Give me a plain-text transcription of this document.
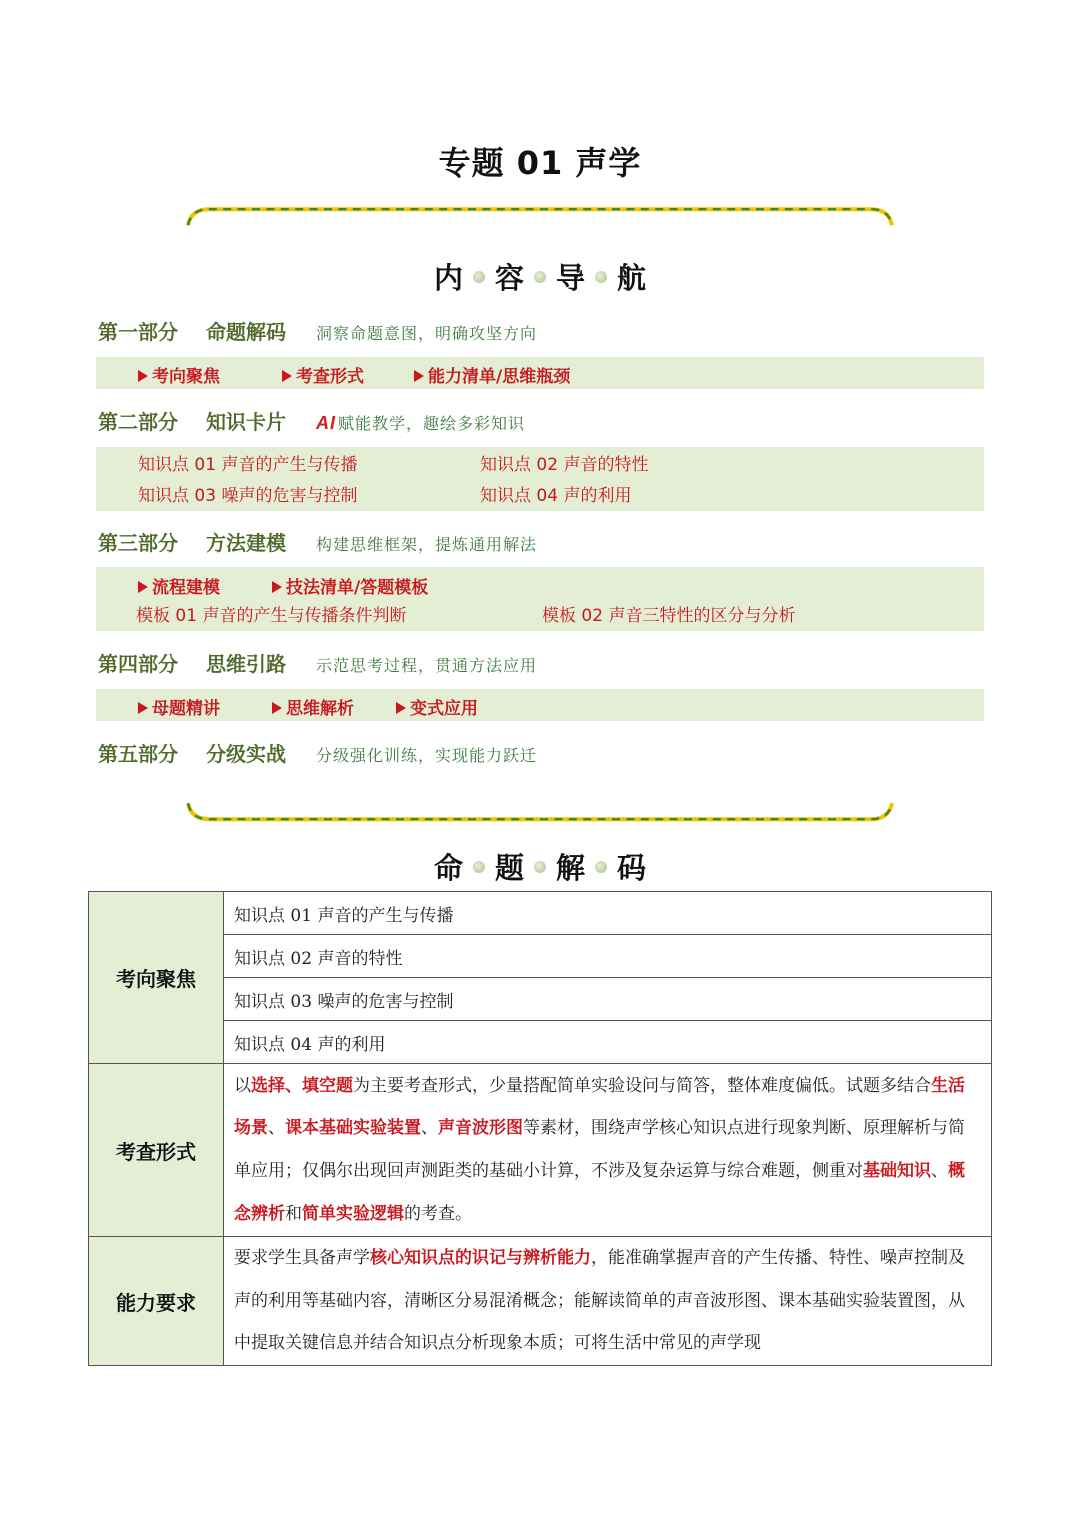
专题 01 声学
内 容 导 航
第一部分	命题解码	洞察命题意图，明确攻坚方向
考向聚焦	考查形式	能力清单/思维瓶颈
第二部分	知识卡片	AI 赋能教学，趣绘多彩知识
知识点 01 声音的产生与传播	知识点 02 声音的特性
知识点 03 噪声的危害与控制	知识点 04 声的利用
第三部分	方法建模	构建思维框架，提炼通用解法
流程建模	技法清单/答题模板
模板 01 声音的产生与传播条件判断	模板 02 声音三特性的区分与分析
第四部分	思维引路	示范思考过程，贯通方法应用
母题精讲	思维解析	变式应用
第五部分	分级实战	分级强化训练，实现能力跃迁
命 题 解 码
考向聚焦	知识点 01 声音的产生与传播
	知识点 02 声音的特性
	知识点 03 噪声的危害与控制
	知识点 04 声的利用
考查形式	以选择、填空题为主要考查形式，少量搭配简单实验设问与简答，整体难度偏低。试题多结合生活场景、课本基础实验装置、声音波形图等素材，围绕声学核心知识点进行现象判断、原理解析与简单应用；仅偶尔出现回声测距类的基础小计算，不涉及复杂运算与综合难题，侧重对基础知识、概念辨析和简单实验逻辑的考查。
能力要求	要求学生具备声学核心知识点的识记与辨析能力，能准确掌握声音的产生传播、特性、噪声控制及声的利用等基础内容，清晰区分易混淆概念；能解读简单的声音波形图、课本基础实验装置图，从中提取关键信息并结合知识点分析现象本质；可将生活中常见的声学现
